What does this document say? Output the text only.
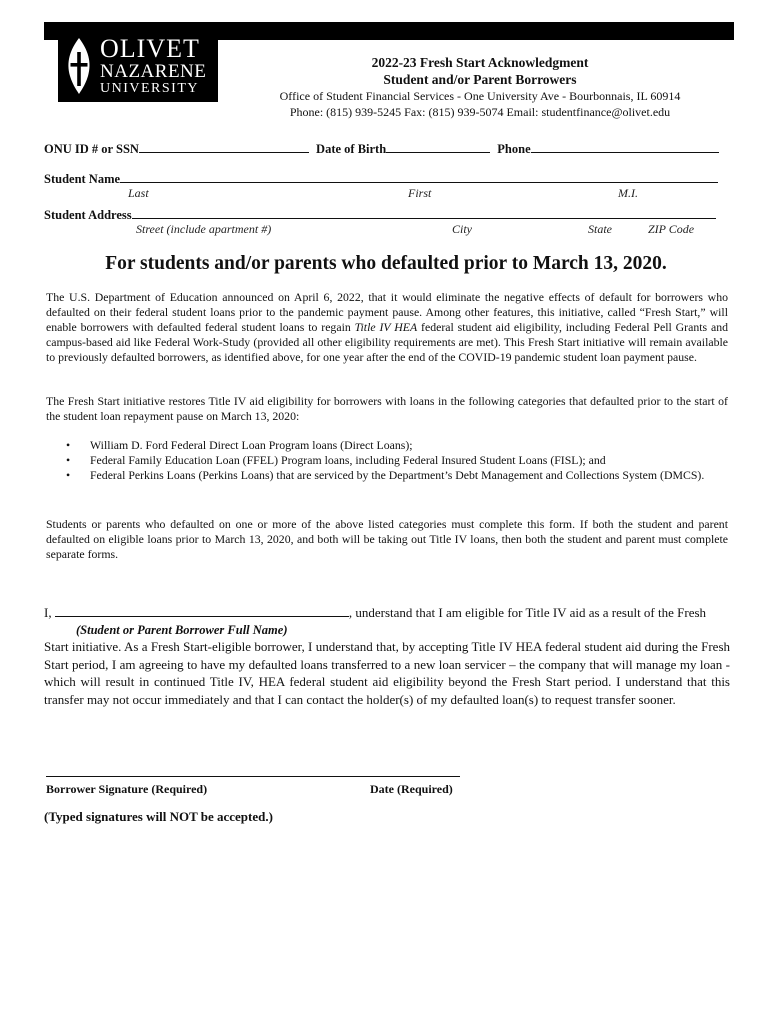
OLIVET
NAZARENE
UNIVERSITY
2022-23 Fresh Start Acknowledgment
Student and/or Parent Borrowers
Office of Student Financial Services - One University Ave - Bourbonnais, IL 60914
Phone: (815) 939-5245 Fax: (815) 939-5074 Email: studentfinance@olivet.edu
ONU ID # or SSN	Date of Birth	Phone
Student Name
Last	First	M.I.
Student Address
Street (include apartment #)	City	State	ZIP Code
For students and/or parents who defaulted prior to March 13, 2020.
The U.S. Department of Education announced on April 6, 2022, that it would eliminate the negative effects of default for borrowers who defaulted on their federal student loans prior to the pandemic payment pause. Among other features, this initiative, called “Fresh Start,” will enable borrowers with defaulted federal student loans to regain Title IV HEA federal student aid eligibility, including Federal Pell Grants and campus-based aid like Federal Work-Study (provided all other eligibility requirements are met). This Fresh Start initiative will remain available to previously defaulted borrowers, as identified above, for one year after the end of the COVID-19 pandemic student loan payment pause.
The Fresh Start initiative restores Title IV aid eligibility for borrowers with loans in the following categories that defaulted prior to the start of the student loan repayment pause on March 13, 2020:
• William D. Ford Federal Direct Loan Program loans (Direct Loans);
• Federal Family Education Loan (FFEL) Program loans, including Federal Insured Student Loans (FISL); and
• Federal Perkins Loans (Perkins Loans) that are serviced by the Department’s Debt Management and Collections System (DMCS).
Students or parents who defaulted on one or more of the above listed categories must complete this form. If both the student and parent defaulted on eligible loans prior to March 13, 2020, and both will be taking out Title IV loans, then both the student and parent must complete separate forms.
I,	, understand that I am eligible for Title IV aid as a result of the Fresh
(Student or Parent Borrower Full Name)
Start initiative. As a Fresh Start-eligible borrower, I understand that, by accepting Title IV HEA federal student aid during the Fresh Start period, I am agreeing to have my defaulted loans transferred to a new loan servicer – the company that will manage my loan - which will result in continued Title IV, HEA federal student aid eligibility beyond the Fresh Start period. I understand that this transfer may not occur immediately and that I can contact the holder(s) of my defaulted loan(s) to request transfer sooner.
Borrower Signature (Required)	Date (Required)
(Typed signatures will NOT be accepted.)
